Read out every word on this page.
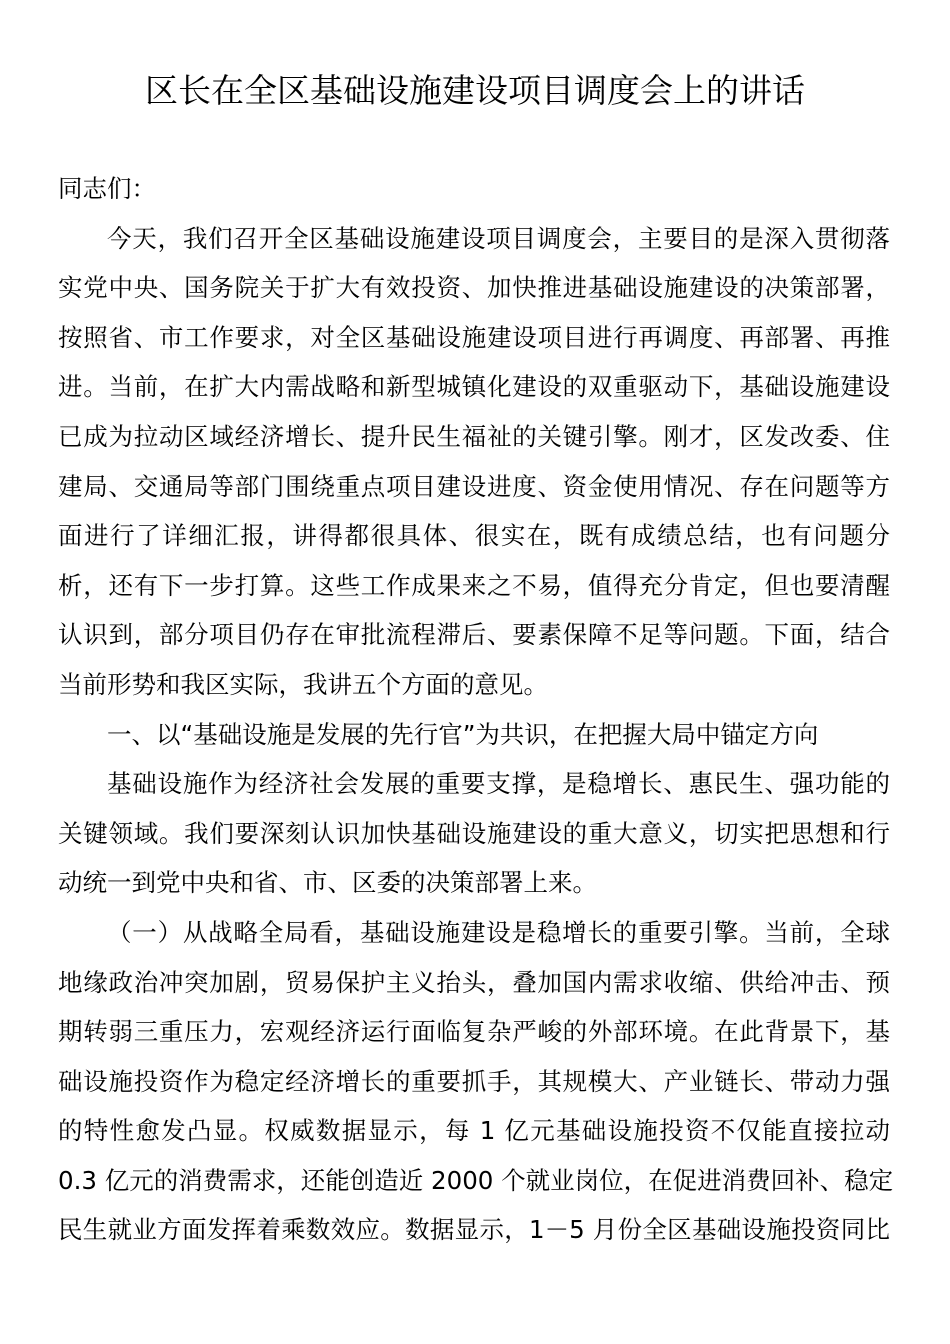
区长在全区基础设施建设项目调度会上的讲话
同志们：
今天，我们召开全区基础设施建设项目调度会，主要目的是深入贯彻落
实党中央、国务院关于扩大有效投资、加快推进基础设施建设的决策部署，
按照省、市工作要求，对全区基础设施建设项目进行再调度、再部署、再推
进。当前，在扩大内需战略和新型城镇化建设的双重驱动下，基础设施建设
已成为拉动区域经济增长、提升民生福祉的关键引擎。刚才，区发改委、住
建局、交通局等部门围绕重点项目建设进度、资金使用情况、存在问题等方
面进行了详细汇报，讲得都很具体、很实在，既有成绩总结，也有问题分
析，还有下一步打算。这些工作成果来之不易，值得充分肯定，但也要清醒
认识到，部分项目仍存在审批流程滞后、要素保障不足等问题。下面，结合
当前形势和我区实际，我讲五个方面的意见。
一、以“基础设施是发展的先行官”为共识，在把握大局中锚定方向
基础设施作为经济社会发展的重要支撑，是稳增长、惠民生、强功能的
关键领域。我们要深刻认识加快基础设施建设的重大意义，切实把思想和行
动统一到党中央和省、市、区委的决策部署上来。
（一）从战略全局看，基础设施建设是稳增长的重要引擎。当前，全球
地缘政治冲突加剧，贸易保护主义抬头，叠加国内需求收缩、供给冲击、预
期转弱三重压力，宏观经济运行面临复杂严峻的外部环境。在此背景下，基
础设施投资作为稳定经济增长的重要抓手，其规模大、产业链长、带动力强
的特性愈发凸显。权威数据显示，每 1 亿元基础设施投资不仅能直接拉动
0.3 亿元的消费需求，还能创造近 2000 个就业岗位，在促进消费回补、稳定
民生就业方面发挥着乘数效应。数据显示，1－5 月份全区基础设施投资同比
